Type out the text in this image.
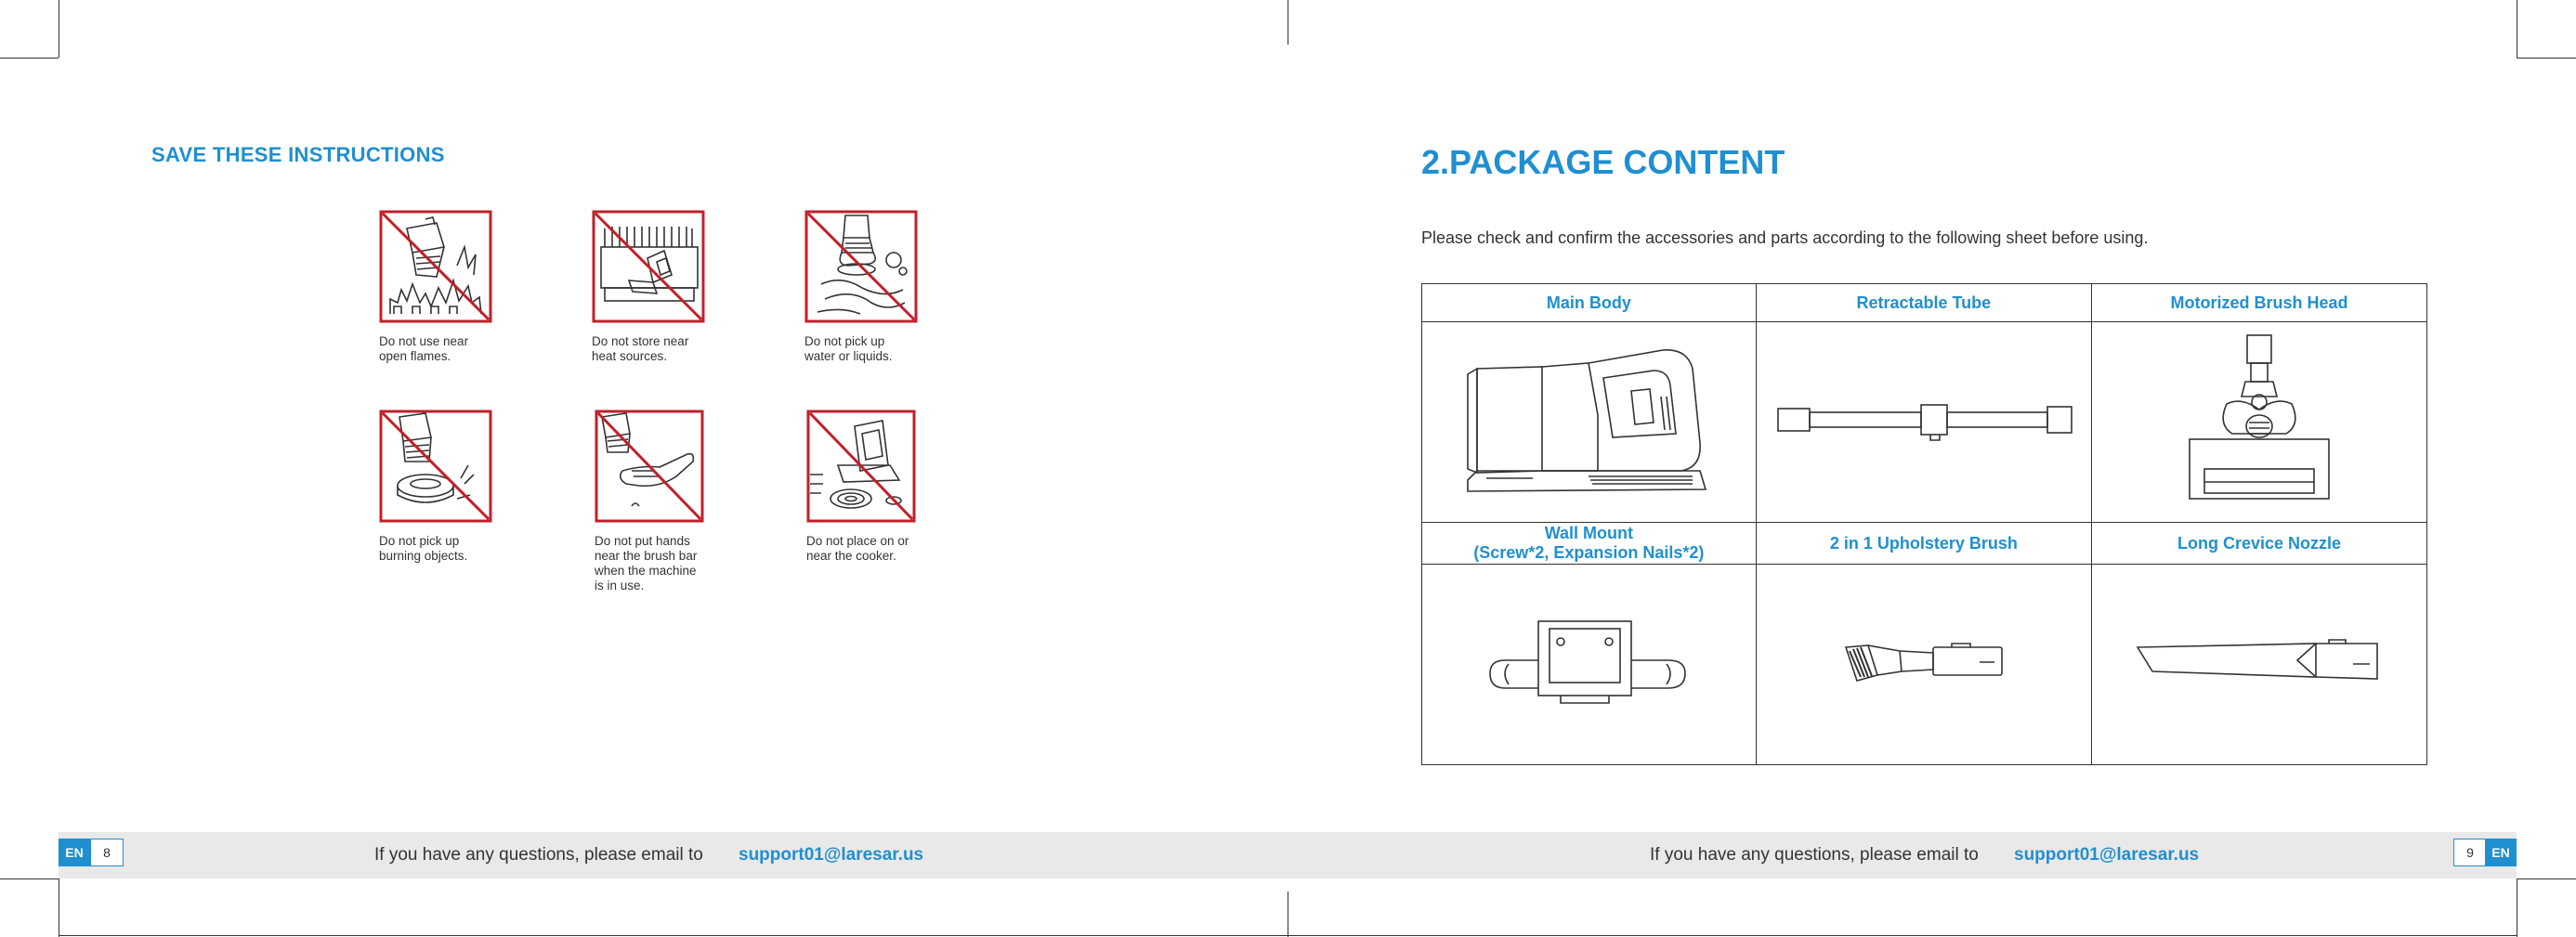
SAVE THESE INSTRUCTIONS
Do not use near
open flames.
Do not store near
heat sources.
Do not pick up
water or liquids.
Do not pick up
burning objects.
Do not put hands
near the brush bar
when the machine
is in use.
Do not place on or
near the cooker.
2.PACKAGE CONTENT
Please check and confirm the accessories and parts according to the following sheet before using.
Main Body	Retractable Tube	Motorized Brush Head

Wall Mount
(Screw*2, Expansion Nails*2)	2 in 1 Upholstery Brush	Long Crevice Nozzle

EN	8	If you have any questions, please email to support01@laresar.us	If you have any questions, please email to support01@laresar.us	9	EN
